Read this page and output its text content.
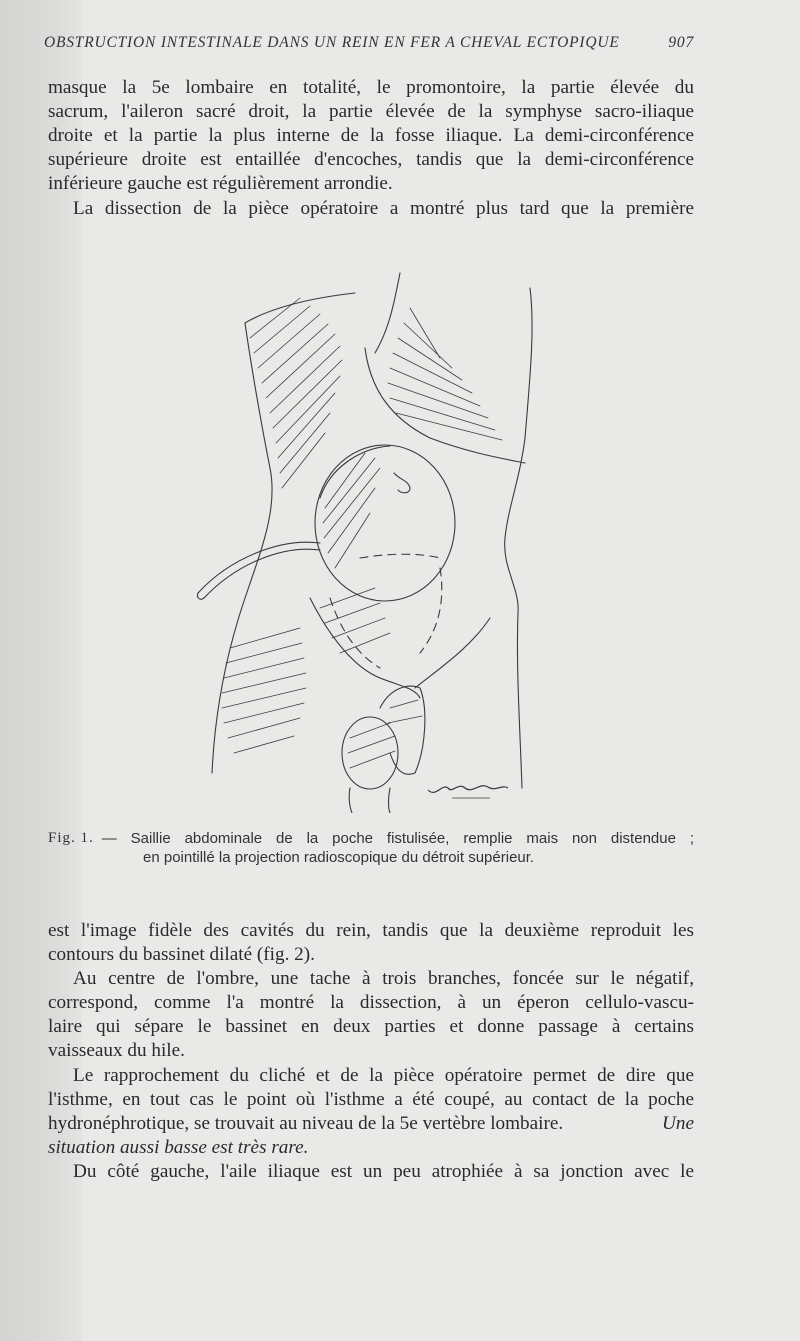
OBSTRUCTION INTESTINALE DANS UN REIN EN FER A CHEVAL ECTOPIQUE	907

masque la 5e lombaire en totalité, le promontoire, la partie élevée du

sacrum, l'aileron sacré droit, la partie élevée de la symphyse sacro-iliaque

droite et la partie la plus interne de la fosse iliaque. La demi-circonférence

supérieure droite est entaillée d'encoches, tandis que la demi-circonférence

inférieure gauche est régulièrement arrondie.

La dissection de la pièce opératoire a montré plus tard que la première

Fig. 1. — Saillie abdominale de la poche fistulisée, remplie mais non distendue ;
en pointillé la projection radioscopique du détroit supérieur.

est l'image fidèle des cavités du rein, tandis que la deuxième reproduit les

contours du bassinet dilaté (fig. 2).

Au centre de l'ombre, une tache à trois branches, foncée sur le négatif,

correspond, comme l'a montré la dissection, à un éperon cellulo-vascu-

laire qui sépare le bassinet en deux parties et donne passage à certains

vaisseaux du hile.

Le rapprochement du cliché et de la pièce opératoire permet de dire que

l'isthme, en tout cas le point où l'isthme a été coupé, au contact de la poche

hydronéphrotique, se trouvait au niveau de la 5e vertèbre lombaire.	Une

situation aussi basse est très rare.

Du côté gauche, l'aile iliaque est un peu atrophiée à sa jonction avec le
